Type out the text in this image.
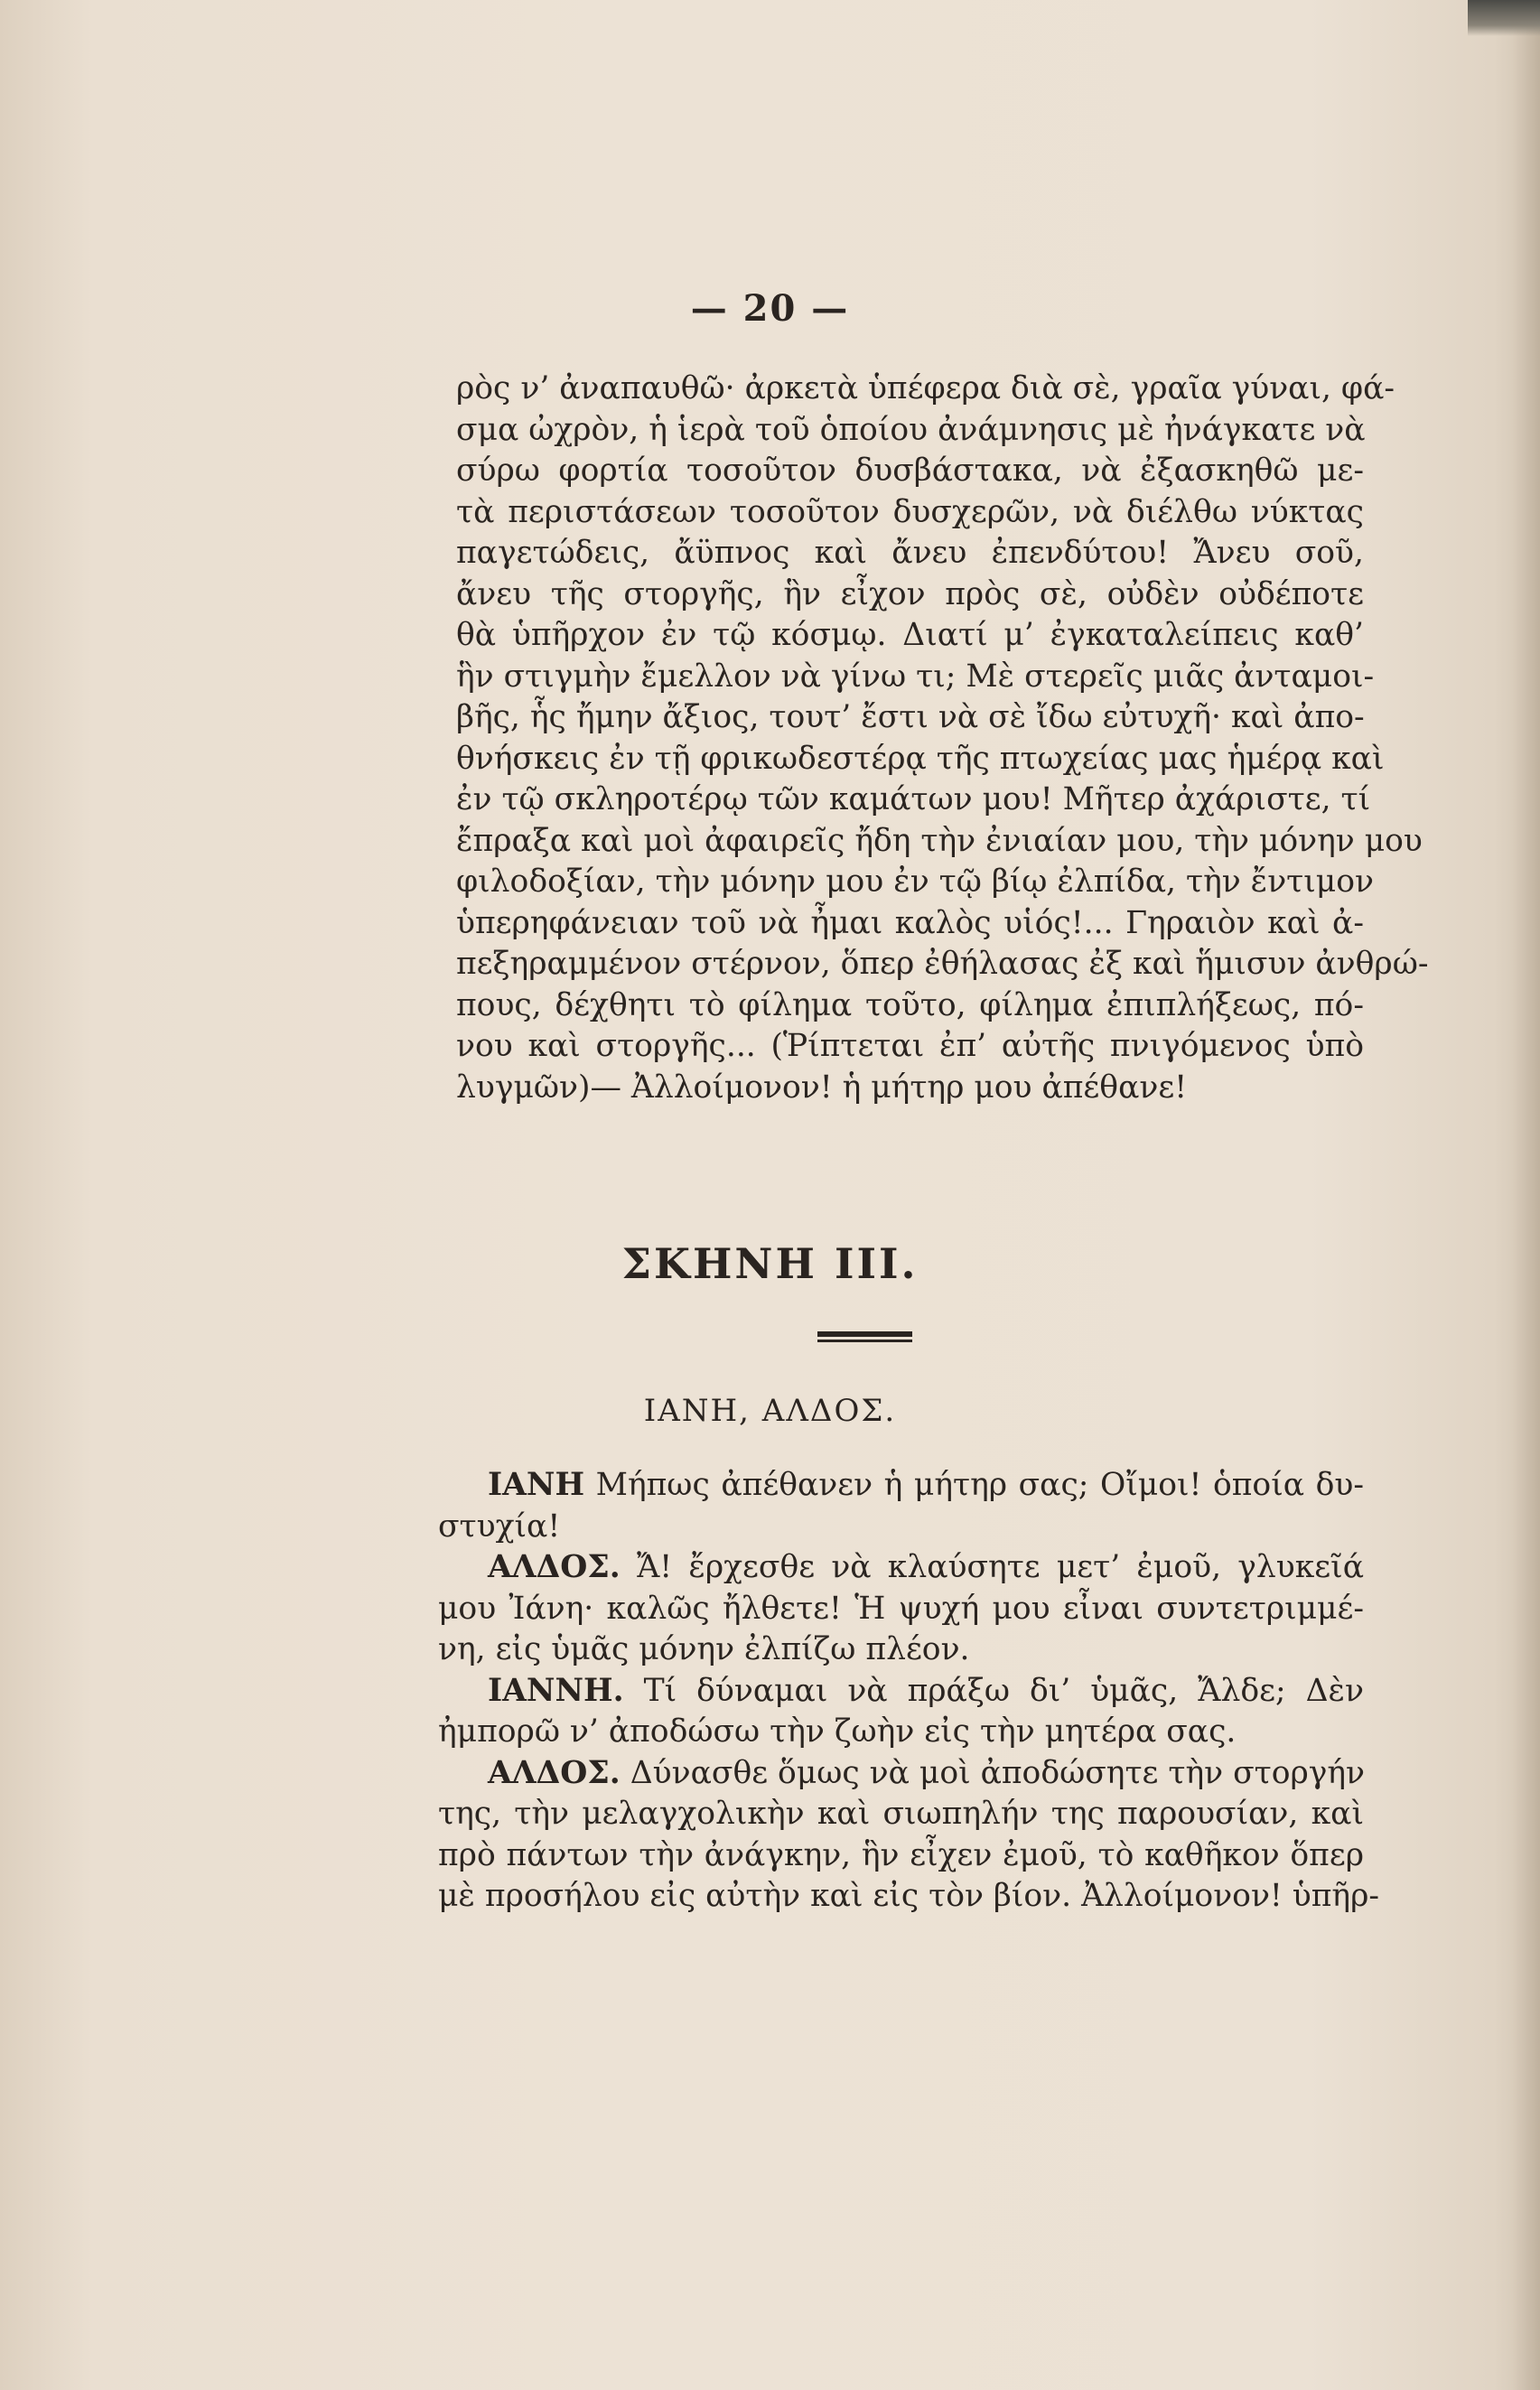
— 20 —
ρὸς ν’ ἀναπαυθῶ· ἀρκετὰ ὑπέφερα διὰ σὲ, γραῖα γύναι, φά-
σμα ὠχρὸν, ἡ ἱερὰ τοῦ ὁποίου ἀνάμνησις μὲ ἠνάγκατε νὰ
σύρω φορτία τοσοῦτον δυσβάστακα, νὰ ἐξασκηθῶ με-
τὰ περιστάσεων τοσοῦτον δυσχερῶν, νὰ διέλθω νύκτας
παγετώδεις, ἄϋπνος καὶ ἄνευ ἐπενδύτου! Ἄνευ σοῦ,
ἄνευ τῆς στοργῆς, ἣν εἶχον πρὸς σὲ, οὐδὲν οὐδέποτε
θὰ ὑπῆρχον ἐν τῷ κόσμῳ. Διατί μ’ ἐγκαταλείπεις καθ’
ἣν στιγμὴν ἔμελλον νὰ γίνω τι; Μὲ στερεῖς μιᾶς ἀνταμοι-
βῆς, ἧς ἤμην ἄξιος, τουτ’ ἔστι νὰ σὲ ἴδω εὐτυχῆ· καὶ ἀπο-
θνήσκεις ἐν τῇ φρικωδεστέρᾳ τῆς πτωχείας μας ἡμέρᾳ καὶ
ἐν τῷ σκληροτέρῳ τῶν καμάτων μου! Μῆτερ ἀχάριστε, τί
ἔπραξα καὶ μοὶ ἀφαιρεῖς ἤδη τὴν ἐνιαίαν μου, τὴν μόνην μου
φιλοδοξίαν, τὴν μόνην μου ἐν τῷ βίῳ ἐλπίδα, τὴν ἔντιμον
ὑπερηφάνειαν τοῦ νὰ ἦμαι καλὸς υἱός!... Γηραιὸν καὶ ἀ-
πεξηραμμένον στέρνον, ὅπερ ἐθήλασας ἐξ καὶ ἥμισυν ἀνθρώ-
πους, δέχθητι τὸ φίλημα τοῦτο, φίλημα ἐπιπλήξεως, πό-
νου καὶ στοργῆς... (Ῥίπτεται ἐπ’ αὐτῆς πνιγόμενος ὑπὸ
λυγμῶν)— Ἀλλοίμονον! ἡ μήτηρ μου ἀπέθανε!
ΣΚΗΝΗ III.
ΙΑΝΗ, ΑΛΔΟΣ.
ΙΑΝΗ Μήπως ἀπέθανεν ἡ μήτηρ σας; Οἴμοι! ὁποία δυ-
στυχία!
ΑΛΔΟΣ. Ἄ! ἔρχεσθε νὰ κλαύσητε μετ’ ἐμοῦ, γλυκεῖά
μου Ἰάνη· καλῶς ἤλθετε! Ἡ ψυχή μου εἶναι συντετριμμέ-
νη, εἰς ὑμᾶς μόνην ἐλπίζω πλέον.
ΙΑΝΝΗ. Τί δύναμαι νὰ πράξω δι’ ὑμᾶς, Ἄλδε; Δὲν
ἠμπορῶ ν’ ἀποδώσω τὴν ζωὴν εἰς τὴν μητέρα σας.
ΑΛΔΟΣ. Δύνασθε ὅμως νὰ μοὶ ἀποδώσητε τὴν στοργήν
της, τὴν μελαγχολικὴν καὶ σιωπηλήν της παρουσίαν, καὶ
πρὸ πάντων τὴν ἀνάγκην, ἣν εἶχεν ἐμοῦ, τὸ καθῆκον ὅπερ
μὲ προσήλου εἰς αὐτὴν καὶ εἰς τὸν βίον. Ἀλλοίμονον! ὑπῆρ-
